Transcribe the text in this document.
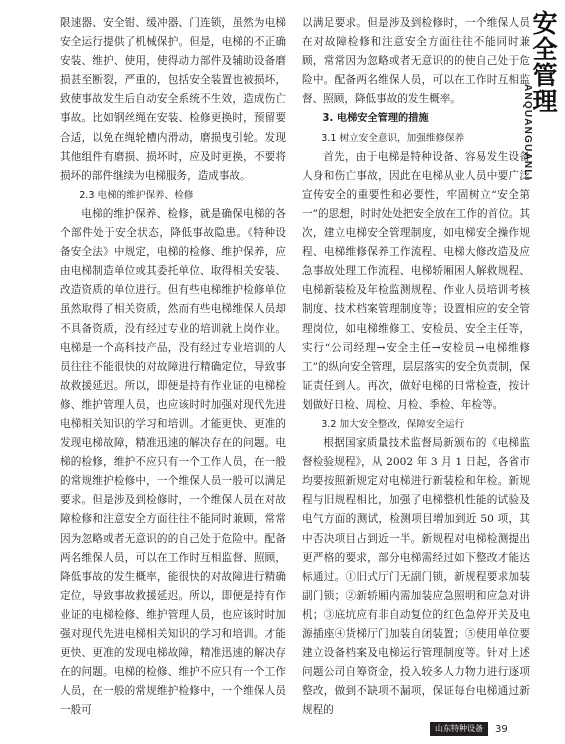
限速器、安全钳、缓冲器、门连锁，虽然为电梯安全运行提供了机械保护。但是，电梯的不正确安装、维护、使用，使得动力部件及辅助设备磨损甚至断裂，严重的，包括安全装置也被损坏，致使事故发生后自动安全系统不生效，造成伤亡事故。比如钢丝绳在安装、检修更换时，预留要合适，以免在绳轮槽内滑动，磨损曳引轮。发现其他组件有磨损、损坏时，应及时更换，不要将损坏的部件继续为电梯服务，造成事故。

2.3 电梯的维护保养、检修

电梯的维护保养、检修，就是确保电梯的各个部件处于安全状态，降低事故隐患。《特种设备安全法》中规定，电梯的检修、维护保养，应由电梯制造单位或其委托单位、取得相关安装、改造资质的单位进行。但有些电梯维护检修单位虽然取得了相关资质，然而有些电梯维保人员却不具备资质，没有经过专业的培训就上岗作业。电梯是一个高科技产品，没有经过专业培训的人员往往不能很快的对故障进行精确定位，导致事故救援延迟。所以，即便是持有作业证的电梯检修、维护管理人员，也应该时时加强对现代先进电梯相关知识的学习和培训。才能更快、更准的发现电梯故障，精准迅速的解决存在的问题。电梯的检修，维护不应只有一个工作人员，在一般的常规维护检修中，一个维保人员一般可以满足要求。但是涉及到检修时，一个维保人员在对故障检修和注意安全方面往往不能同时兼顾，常常因为忽略或者无意识的的自己处于危险中。配备两名维保人员，可以在工作时互相监督、照顾，降低事故的发生概率，能很快的对故障进行精确定位，导致事故救援延迟。所以，即便是持有作业证的电梯检修、维护管理人员，也应该时时加强对现代先进电梯相关知识的学习和培训。才能更快、更准的发现电梯故障，精准迅速的解决存在的问题。电梯的检修、维护不应只有一个工作人员，在一般的常规维护检修中，一个维保人员一般可

以满足要求。但是涉及到检修时，一个维保人员在对故障检修和注意安全方面往往不能同时兼顾，常常因为忽略或者无意识的的使自己处于危险中。配备两名维保人员，可以在工作时互相监督、照顾，降低事故的发生概率。

3. 电梯安全管理的措施
3.1 树立安全意识，加强维修保养

首先，由于电梯是特种设备、容易发生设备人身和伤亡事故，因此在电梯从业人员中要广泛宣传安全的重要性和必要性，牢固树立“安全第一”的思想，时时处处把安全放在工作的首位。其次，建立电梯安全管理制度，如电梯安全操作规程、电梯维修保养工作流程、电梯大修改造及应急事故处理工作流程、电梯轿厢困人解救规程、电梯新装检及年检监测规程、作业人员培训考核制度、技术档案管理制度等；设置相应的安全管理岗位，如电梯维修工、安检员、安全主任等，实行“公司经理→安全主任→安检员→电梯维修工”的纵向安全管理，层层落实的安全负责制，保证责任到人。再次，做好电梯的日常检查，按计划做好日检、周检、月检、季检、年检等。

3.2 加大安全整改，保障安全运行

根据国家质量技术监督局新颁布的《电梯监督检验规程》，从 2002 年 3 月 1 日起，各省市均要按照新规定对电梯进行新装检和年检。新规程与旧规程相比，加强了电梯整机性能的试验及电气方面的测试，检测项目增加到近 50 项，其中否决项目占到近一半。新规程对电梯检测提出更严格的要求，部分电梯需经过如下整改才能达标通过。①旧式厅门无副门锁，新规程要求加装副门锁；②新轿厢内需加装应急照明和应急对讲机；③底坑应有非自动复位的红色急停开关及电源插座④货梯厅门加装自闭装置；⑤使用单位要建立设备档案及电梯运行管理制度等。针对上述问题公司自筹资金，投入较多人力物力进行逐项整改，做到不缺项不漏项，保证每台电梯通过新规程的

安全管理
ANQUANGUANLI
山东特种设备	39
